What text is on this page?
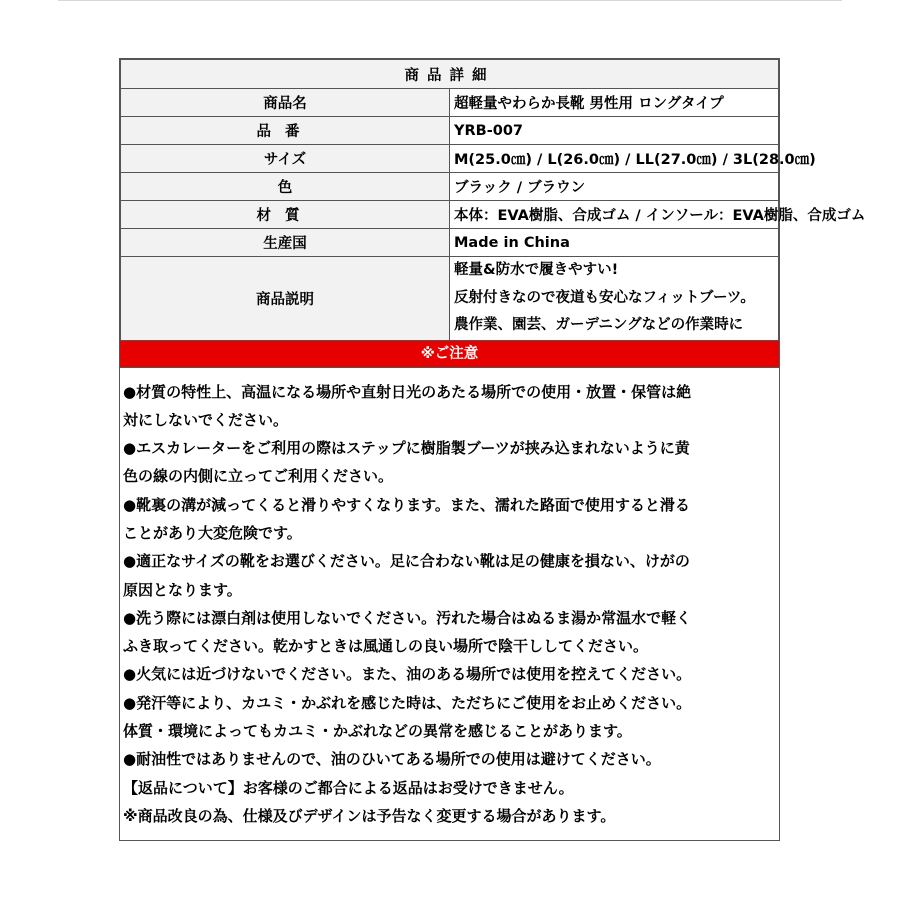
商品詳細	
商品名	超軽量やわらか長靴 男性用 ロングタイプ
品番	YRB-007
サイズ	M(25.0㎝) / L(26.0㎝) / LL(27.0㎝) / 3L(28.0㎝)
色	ブラック / ブラウン
材質	本体：EVA樹脂、合成ゴム / インソール：EVA樹脂、合成ゴム
生産国	Made in China
商品説明	軽量&防水で履きやすい!
反射付きなので夜道も安心なフィットブーツ。
農作業、園芸、ガーデニングなどの作業時に
※ご注意
●材質の特性上、高温になる場所や直射日光のあたる場所での使用・放置・保管は絶
対にしないでください。
●エスカレーターをご利用の際はステップに樹脂製ブーツが挟み込まれないように黄
色の線の内側に立ってご利用ください。
●靴裏の溝が減ってくると滑りやすくなります。また、濡れた路面で使用すると滑る
ことがあり大変危険です。
●適正なサイズの靴をお選びください。足に合わない靴は足の健康を損ない、けがの
原因となります。
●洗う際には漂白剤は使用しないでください。汚れた場合はぬるま湯か常温水で軽く
ふき取ってください。乾かすときは風通しの良い場所で陰干ししてください。
●火気には近づけないでください。また、油のある場所では使用を控えてください。
●発汗等により、カユミ・かぶれを感じた時は、ただちにご使用をお止めください。
体質・環境によってもカユミ・かぶれなどの異常を感じることがあります。
●耐油性ではありませんので、油のひいてある場所での使用は避けてください。
【返品について】お客様のご都合による返品はお受けできません。
※商品改良の為、仕様及びデザインは予告なく変更する場合があります。
